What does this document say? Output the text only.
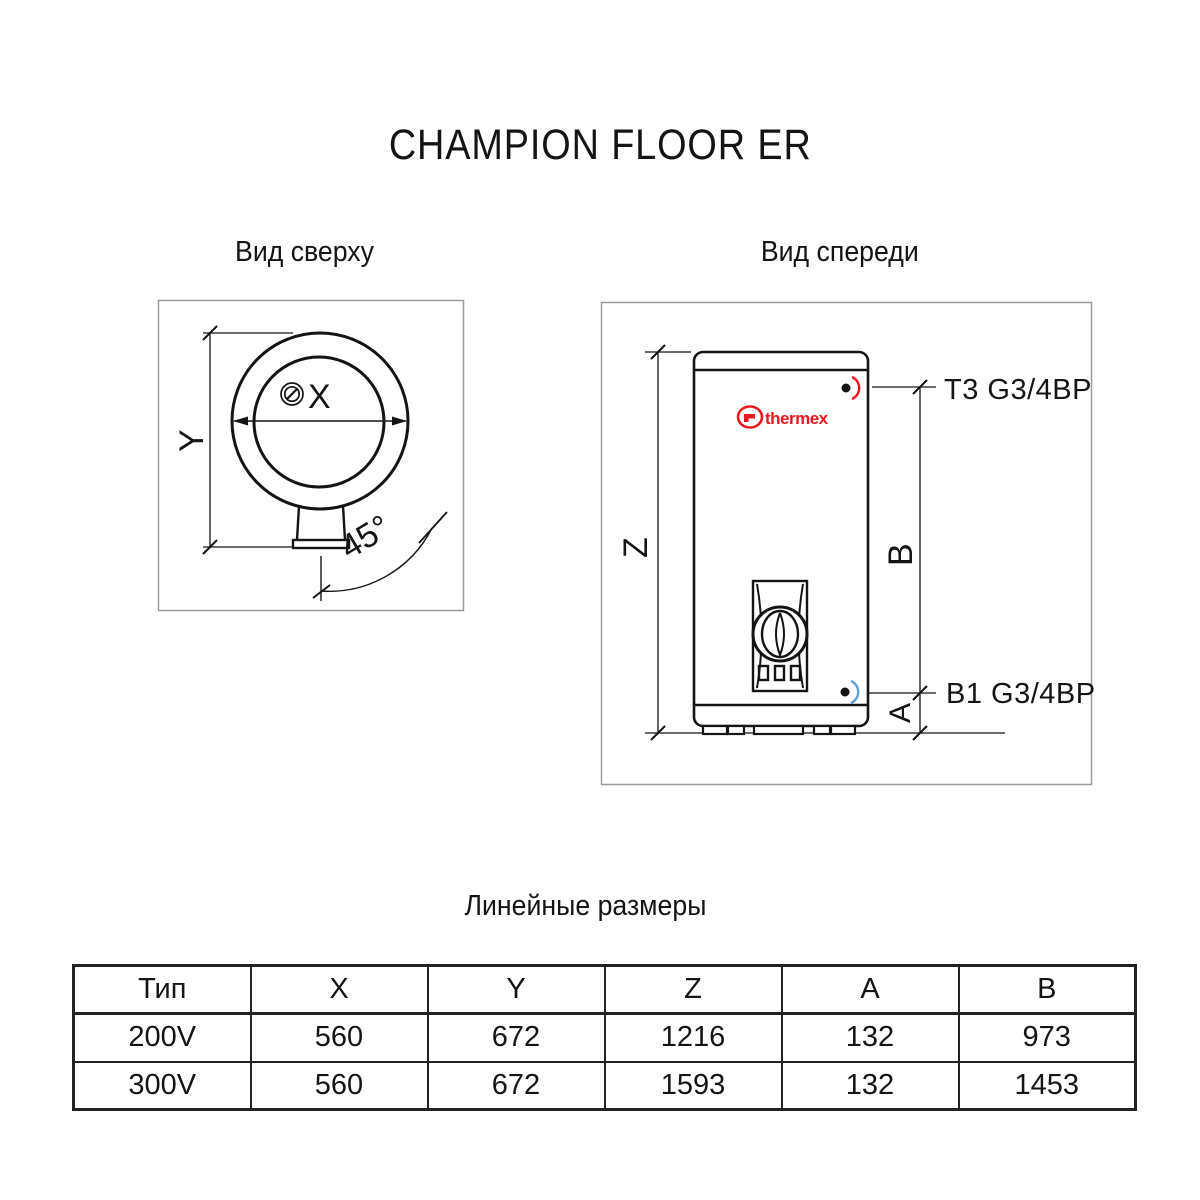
CHAMPION FLOOR ER
Вид сверху	Вид спереди
X
Y
45°
thermex
Z	B
A
T3 G3/4BP
B1 G3/4BP
Линейные размеры
Тип	X	Y	Z	A	B
200V	560	672	1216	132	973
300V	560	672	1593	132	1453
